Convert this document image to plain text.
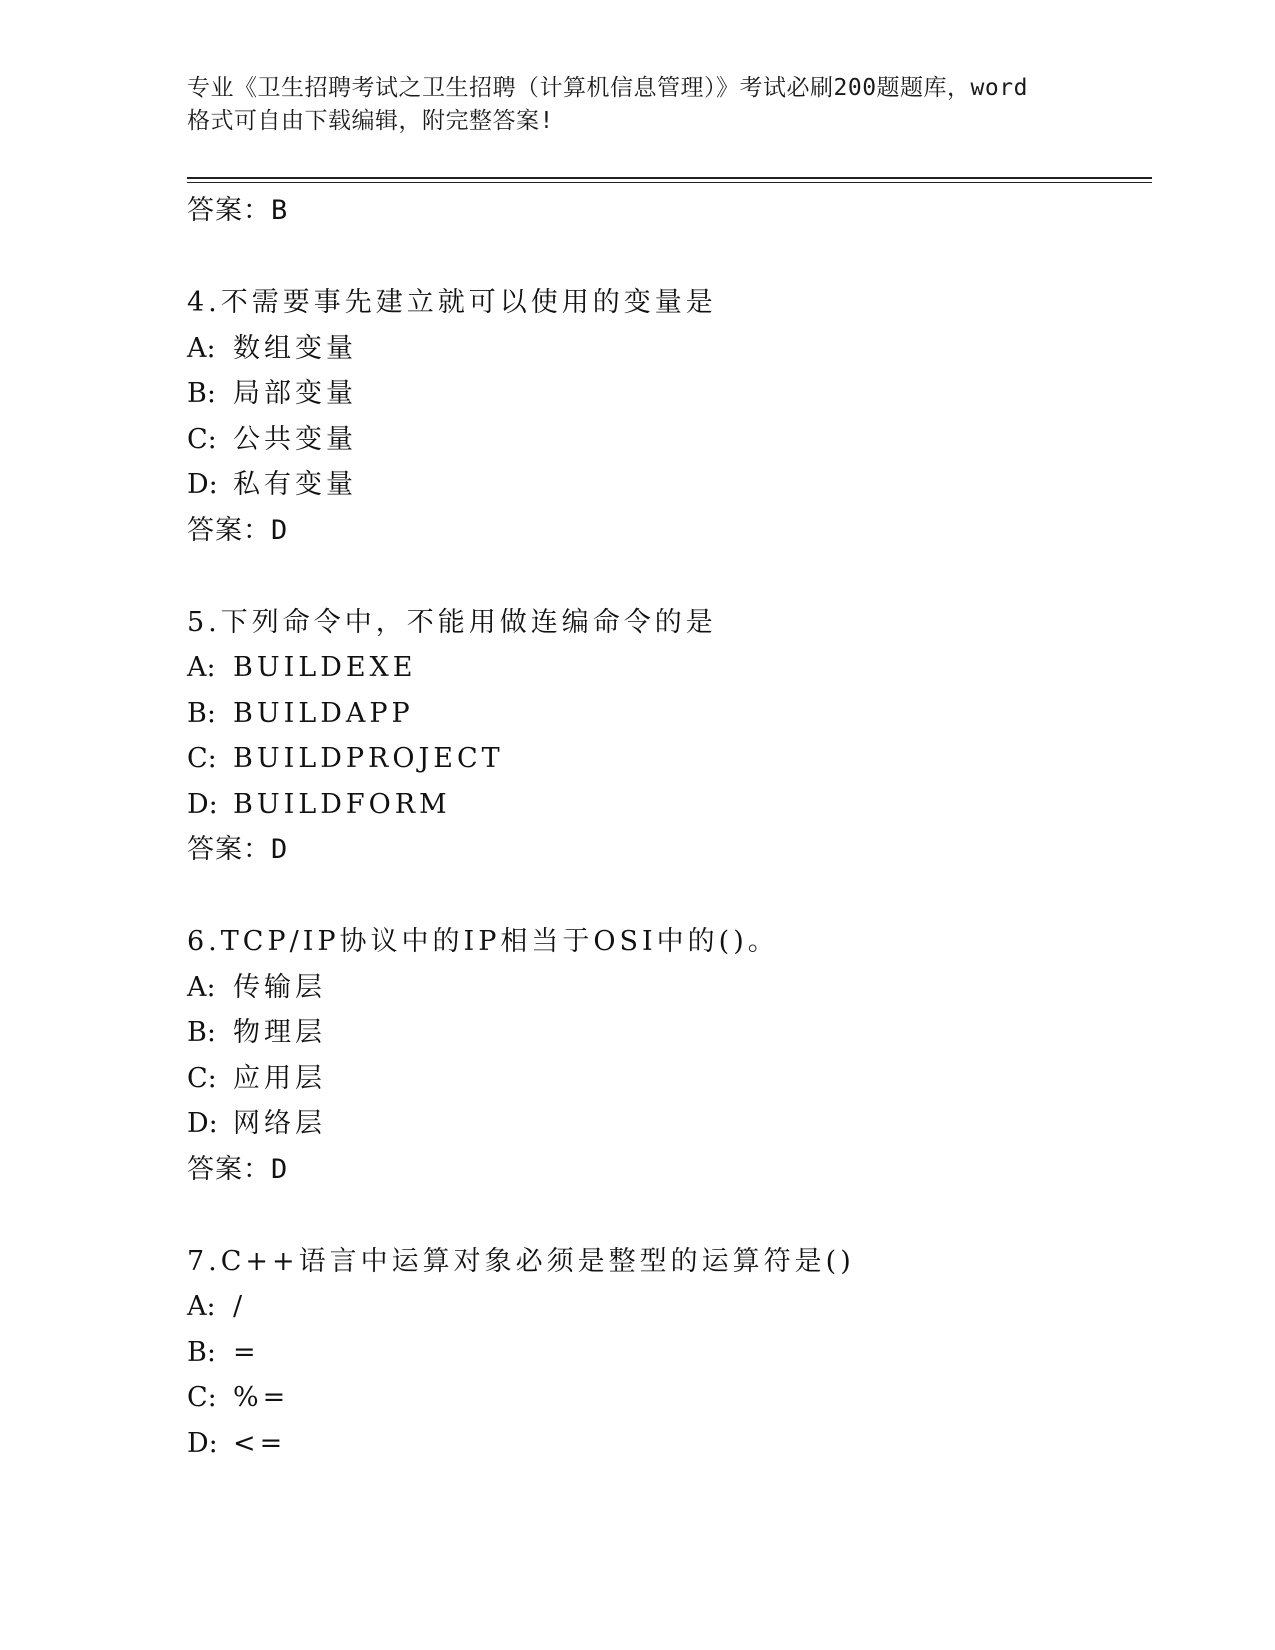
专业《卫生招聘考试之卫生招聘（计算机信息管理）》考试必刷200题题库，word
格式可自由下载编辑，附完整答案!
答案：B
4.不需要事先建立就可以使用的变量是
A: 数组变量
B: 局部变量
C: 公共变量
D: 私有变量
答案：D
5.下列命令中，不能用做连编命令的是
A: BUILDEXE
B: BUILDAPP
C: BUILDPROJECT
D: BUILDFORM
答案：D
6.TCP/IP协议中的IP相当于OSI中的()。
A: 传输层
B: 物理层
C: 应用层
D: 网络层
答案：D
7.C++语言中运算对象必须是整型的运算符是()
A: /
B: =
C: %=
D: <=
